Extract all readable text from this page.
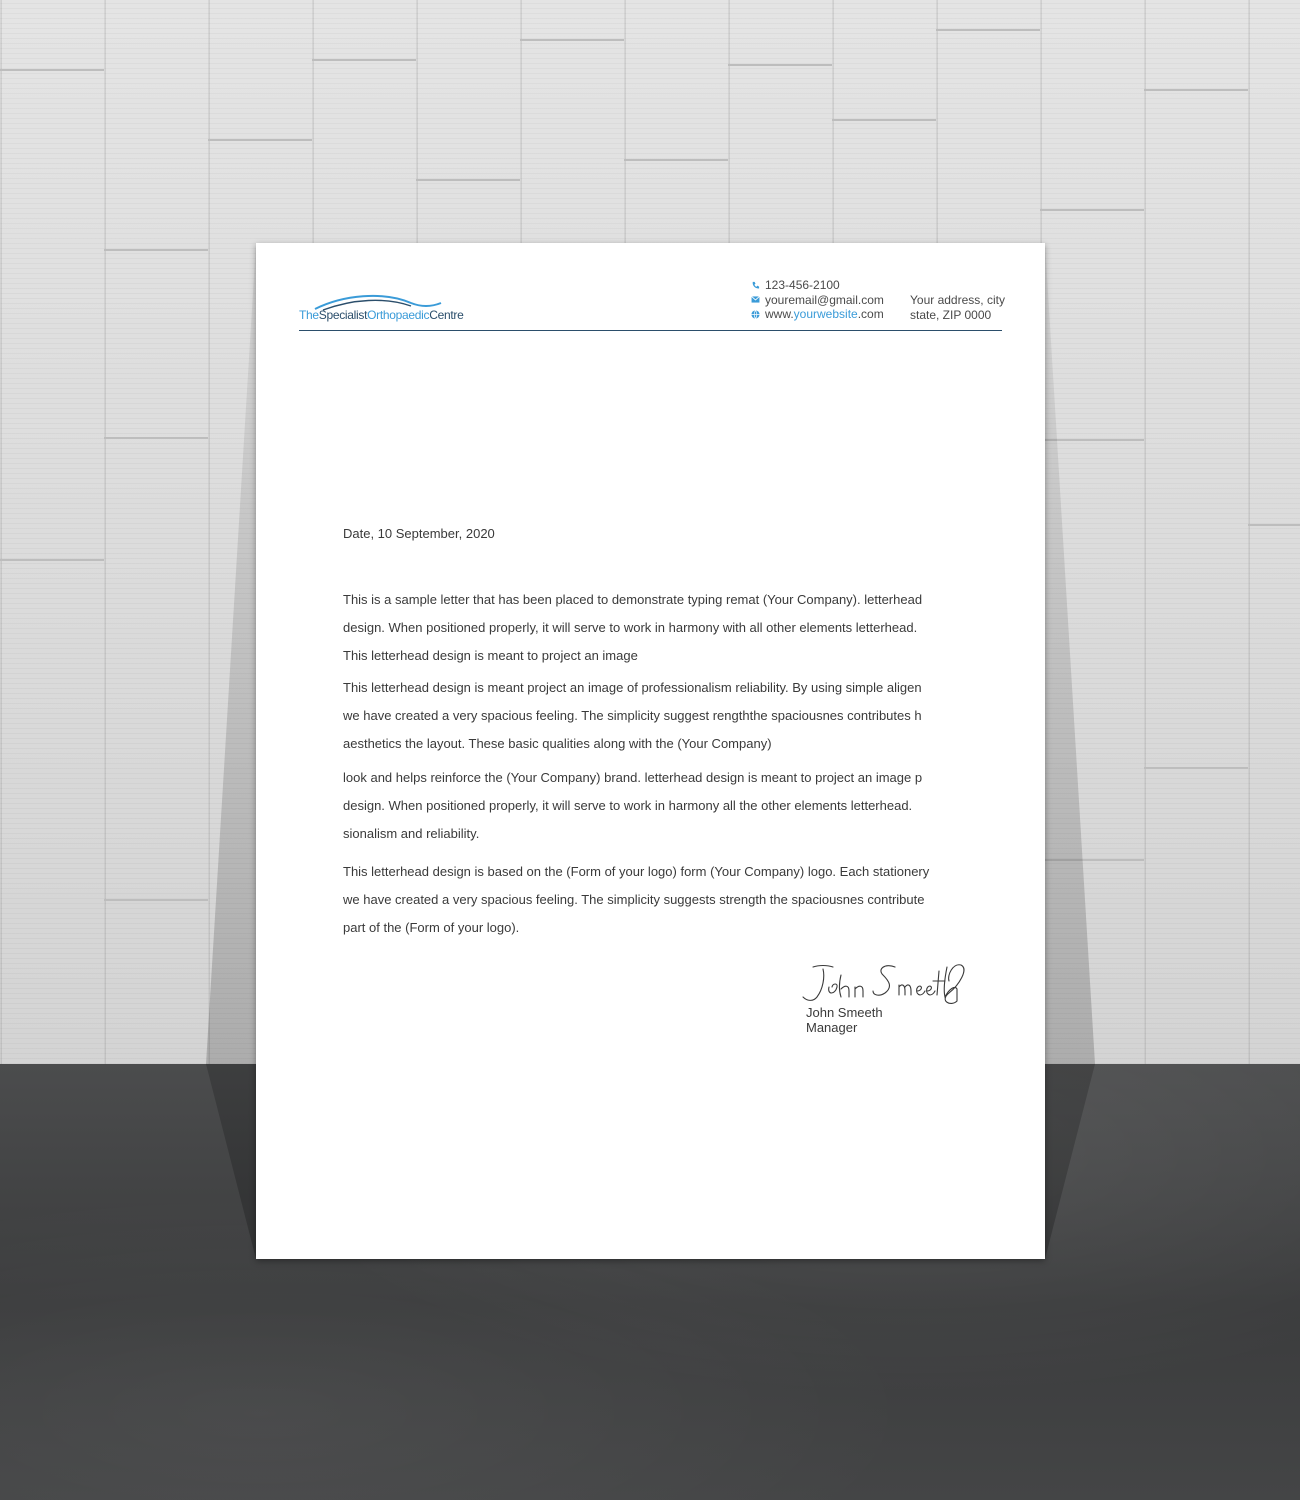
TheSpecialistOrthopaedicCentre
123-456-2100
youremail@gmail.com
www.yourwebsite.com
Your address, city
state, ZIP 0000
Date, 10 September, 2020
This is a sample letter that has been placed to demonstrate typing remat (Your Company). letterhead
design. When positioned properly, it will serve to work in harmony with all other elements letterhead.
This letterhead design is meant to project an image
This letterhead design is meant project an image of professionalism reliability. By using simple aligen
we have created a very spacious feeling. The simplicity suggest rengththe spaciousnes contributes h
aesthetics the layout. These basic qualities along with the (Your Company)
look and helps reinforce the (Your Company) brand. letterhead design is meant to project an image p
design. When positioned properly, it will serve to work in harmony all the other elements letterhead.
sionalism and reliability.
This letterhead design is based on the (Form of your logo) form (Your Company) logo. Each stationery
we have created a very spacious feeling. The simplicity suggests strength the spaciousnes contribute
part of the (Form of your logo).
John Smeeth
John Smeeth
Manager
